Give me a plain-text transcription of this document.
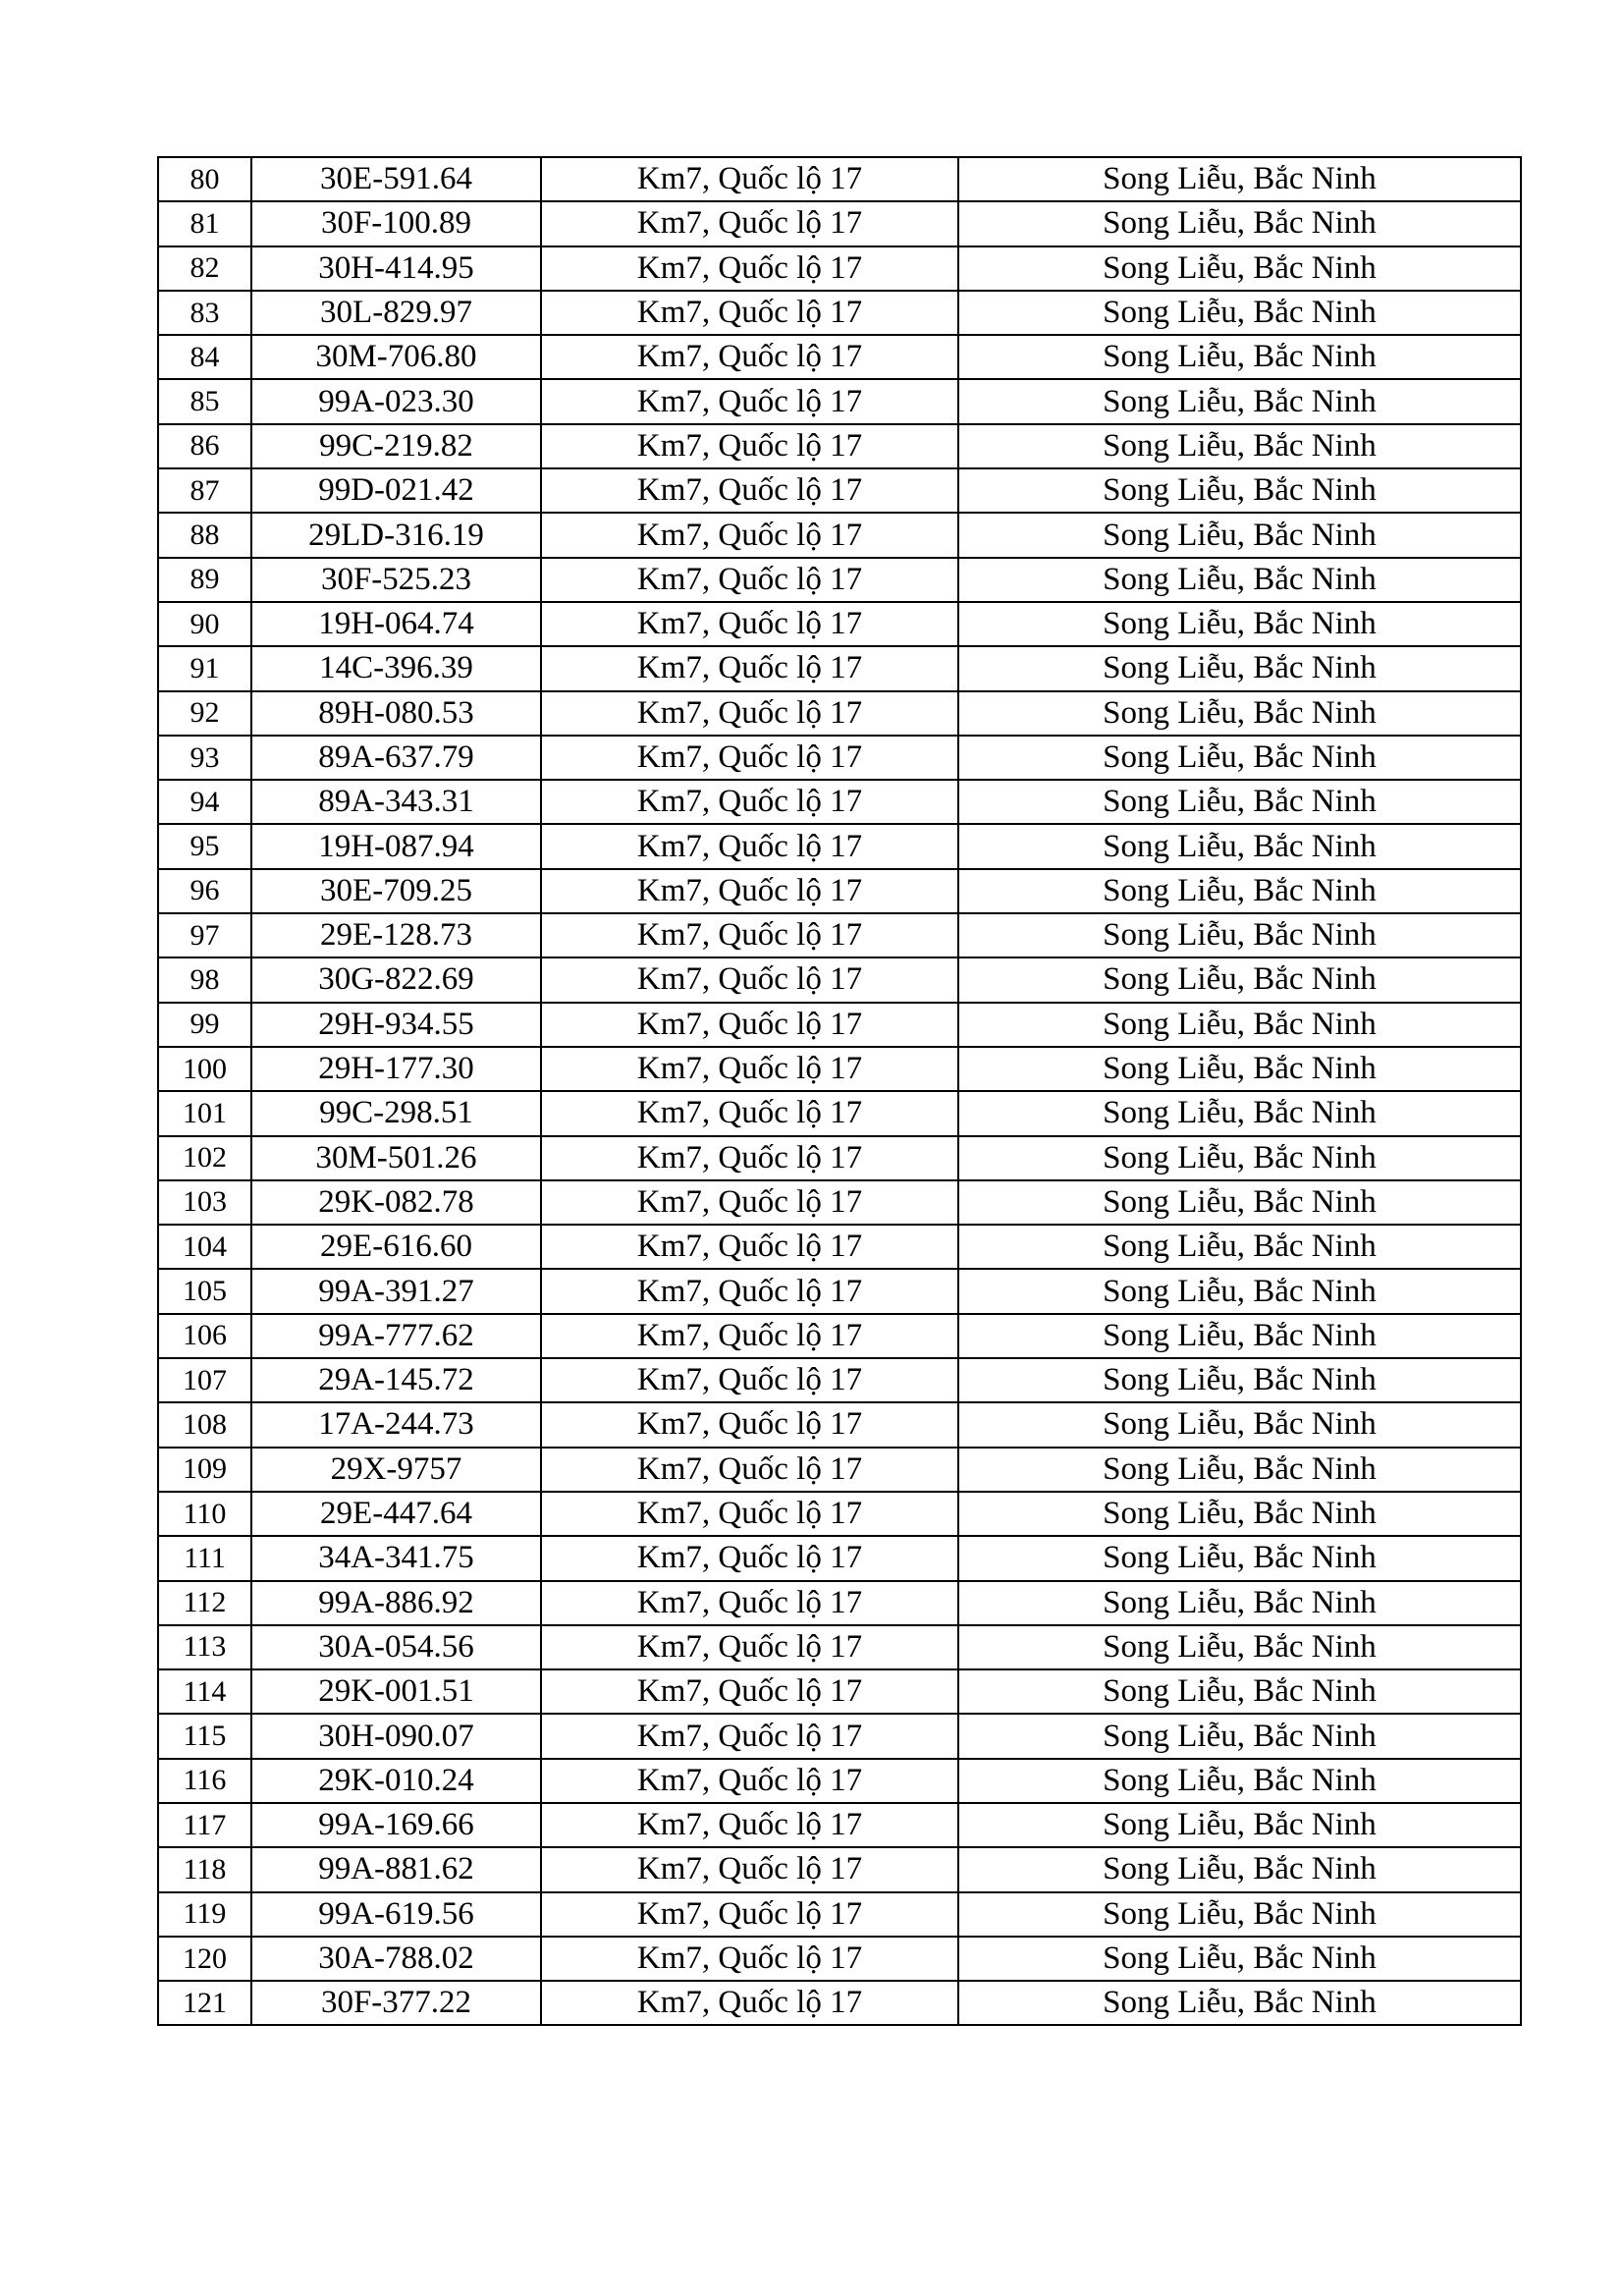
80	30E-591.64	Km7, Quốc lộ 17	Song Liễu, Bắc Ninh
81	30F-100.89	Km7, Quốc lộ 17	Song Liễu, Bắc Ninh
82	30H-414.95	Km7, Quốc lộ 17	Song Liễu, Bắc Ninh
83	30L-829.97	Km7, Quốc lộ 17	Song Liễu, Bắc Ninh
84	30M-706.80	Km7, Quốc lộ 17	Song Liễu, Bắc Ninh
85	99A-023.30	Km7, Quốc lộ 17	Song Liễu, Bắc Ninh
86	99C-219.82	Km7, Quốc lộ 17	Song Liễu, Bắc Ninh
87	99D-021.42	Km7, Quốc lộ 17	Song Liễu, Bắc Ninh
88	29LD-316.19	Km7, Quốc lộ 17	Song Liễu, Bắc Ninh
89	30F-525.23	Km7, Quốc lộ 17	Song Liễu, Bắc Ninh
90	19H-064.74	Km7, Quốc lộ 17	Song Liễu, Bắc Ninh
91	14C-396.39	Km7, Quốc lộ 17	Song Liễu, Bắc Ninh
92	89H-080.53	Km7, Quốc lộ 17	Song Liễu, Bắc Ninh
93	89A-637.79	Km7, Quốc lộ 17	Song Liễu, Bắc Ninh
94	89A-343.31	Km7, Quốc lộ 17	Song Liễu, Bắc Ninh
95	19H-087.94	Km7, Quốc lộ 17	Song Liễu, Bắc Ninh
96	30E-709.25	Km7, Quốc lộ 17	Song Liễu, Bắc Ninh
97	29E-128.73	Km7, Quốc lộ 17	Song Liễu, Bắc Ninh
98	30G-822.69	Km7, Quốc lộ 17	Song Liễu, Bắc Ninh
99	29H-934.55	Km7, Quốc lộ 17	Song Liễu, Bắc Ninh
100	29H-177.30	Km7, Quốc lộ 17	Song Liễu, Bắc Ninh
101	99C-298.51	Km7, Quốc lộ 17	Song Liễu, Bắc Ninh
102	30M-501.26	Km7, Quốc lộ 17	Song Liễu, Bắc Ninh
103	29K-082.78	Km7, Quốc lộ 17	Song Liễu, Bắc Ninh
104	29E-616.60	Km7, Quốc lộ 17	Song Liễu, Bắc Ninh
105	99A-391.27	Km7, Quốc lộ 17	Song Liễu, Bắc Ninh
106	99A-777.62	Km7, Quốc lộ 17	Song Liễu, Bắc Ninh
107	29A-145.72	Km7, Quốc lộ 17	Song Liễu, Bắc Ninh
108	17A-244.73	Km7, Quốc lộ 17	Song Liễu, Bắc Ninh
109	29X-9757	Km7, Quốc lộ 17	Song Liễu, Bắc Ninh
110	29E-447.64	Km7, Quốc lộ 17	Song Liễu, Bắc Ninh
111	34A-341.75	Km7, Quốc lộ 17	Song Liễu, Bắc Ninh
112	99A-886.92	Km7, Quốc lộ 17	Song Liễu, Bắc Ninh
113	30A-054.56	Km7, Quốc lộ 17	Song Liễu, Bắc Ninh
114	29K-001.51	Km7, Quốc lộ 17	Song Liễu, Bắc Ninh
115	30H-090.07	Km7, Quốc lộ 17	Song Liễu, Bắc Ninh
116	29K-010.24	Km7, Quốc lộ 17	Song Liễu, Bắc Ninh
117	99A-169.66	Km7, Quốc lộ 17	Song Liễu, Bắc Ninh
118	99A-881.62	Km7, Quốc lộ 17	Song Liễu, Bắc Ninh
119	99A-619.56	Km7, Quốc lộ 17	Song Liễu, Bắc Ninh
120	30A-788.02	Km7, Quốc lộ 17	Song Liễu, Bắc Ninh
121	30F-377.22	Km7, Quốc lộ 17	Song Liễu, Bắc Ninh
